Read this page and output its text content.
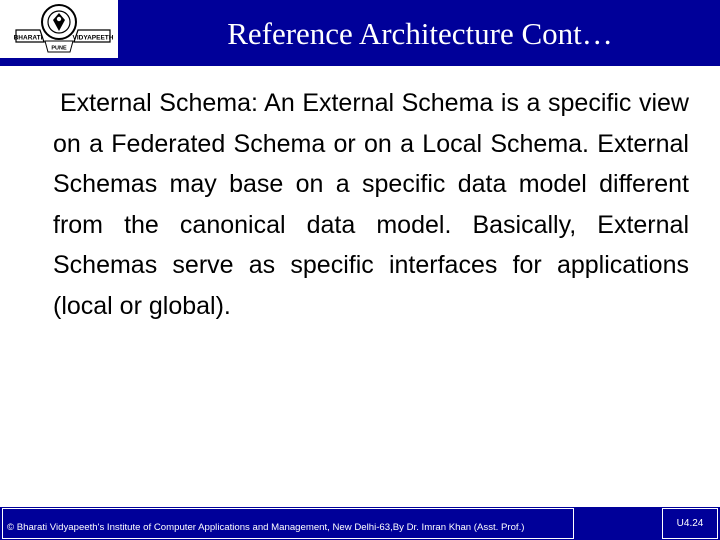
BHARATI	VIDYAPEETH
PUNE	Reference Architecture Cont…
External Schema: An External Schema is a specific view on a Federated Schema or on a Local Schema. External Schemas may base on a specific data model different from the canonical data model. Basically, External Schemas serve as specific interfaces for applications (local or global).
© Bharati Vidyapeeth's Institute of Computer Applications and Management, New Delhi-63,By Dr. Imran Khan (Asst. Prof.)	U4.24
